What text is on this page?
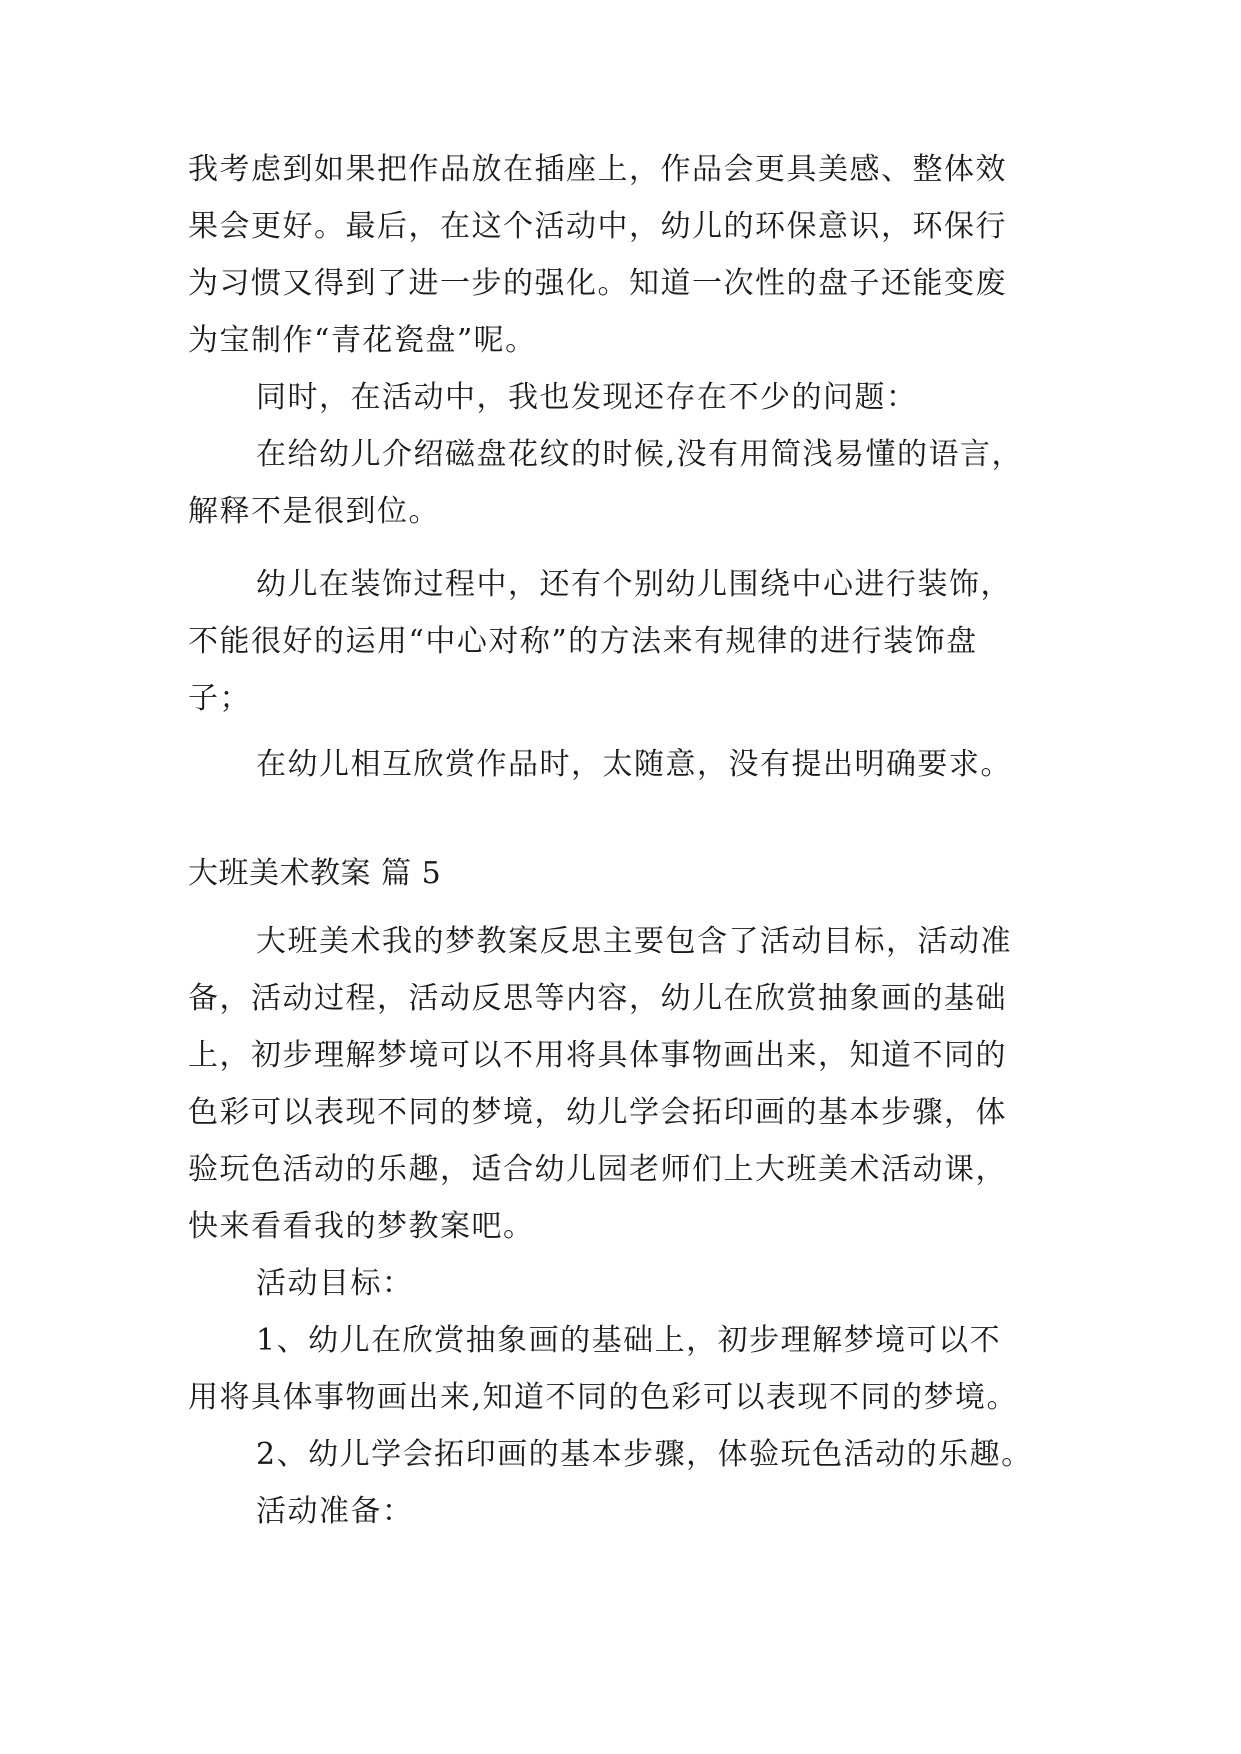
我考虑到如果把作品放在插座上，作品会更具美感、整体效
果会更好。最后，在这个活动中，幼儿的环保意识，环保行
为习惯又得到了进一步的强化。知道一次性的盘子还能变废
为宝制作“青花瓷盘”呢。
同时，在活动中，我也发现还存在不少的问题：
在给幼儿介绍磁盘花纹的时候,没有用简浅易懂的语言，
解释不是很到位。
幼儿在装饰过程中，还有个别幼儿围绕中心进行装饰，
不能很好的运用“中心对称”的方法来有规律的进行装饰盘
子；
在幼儿相互欣赏作品时，太随意，没有提出明确要求。
大班美术教案 篇 5
大班美术我的梦教案反思主要包含了活动目标，活动准
备，活动过程，活动反思等内容，幼儿在欣赏抽象画的基础
上，初步理解梦境可以不用将具体事物画出来，知道不同的
色彩可以表现不同的梦境，幼儿学会拓印画的基本步骤，体
验玩色活动的乐趣，适合幼儿园老师们上大班美术活动课，
快来看看我的梦教案吧。
活动目标：
1、幼儿在欣赏抽象画的基础上，初步理解梦境可以不
用将具体事物画出来,知道不同的色彩可以表现不同的梦境。
2、幼儿学会拓印画的基本步骤，体验玩色活动的乐趣。
活动准备：
